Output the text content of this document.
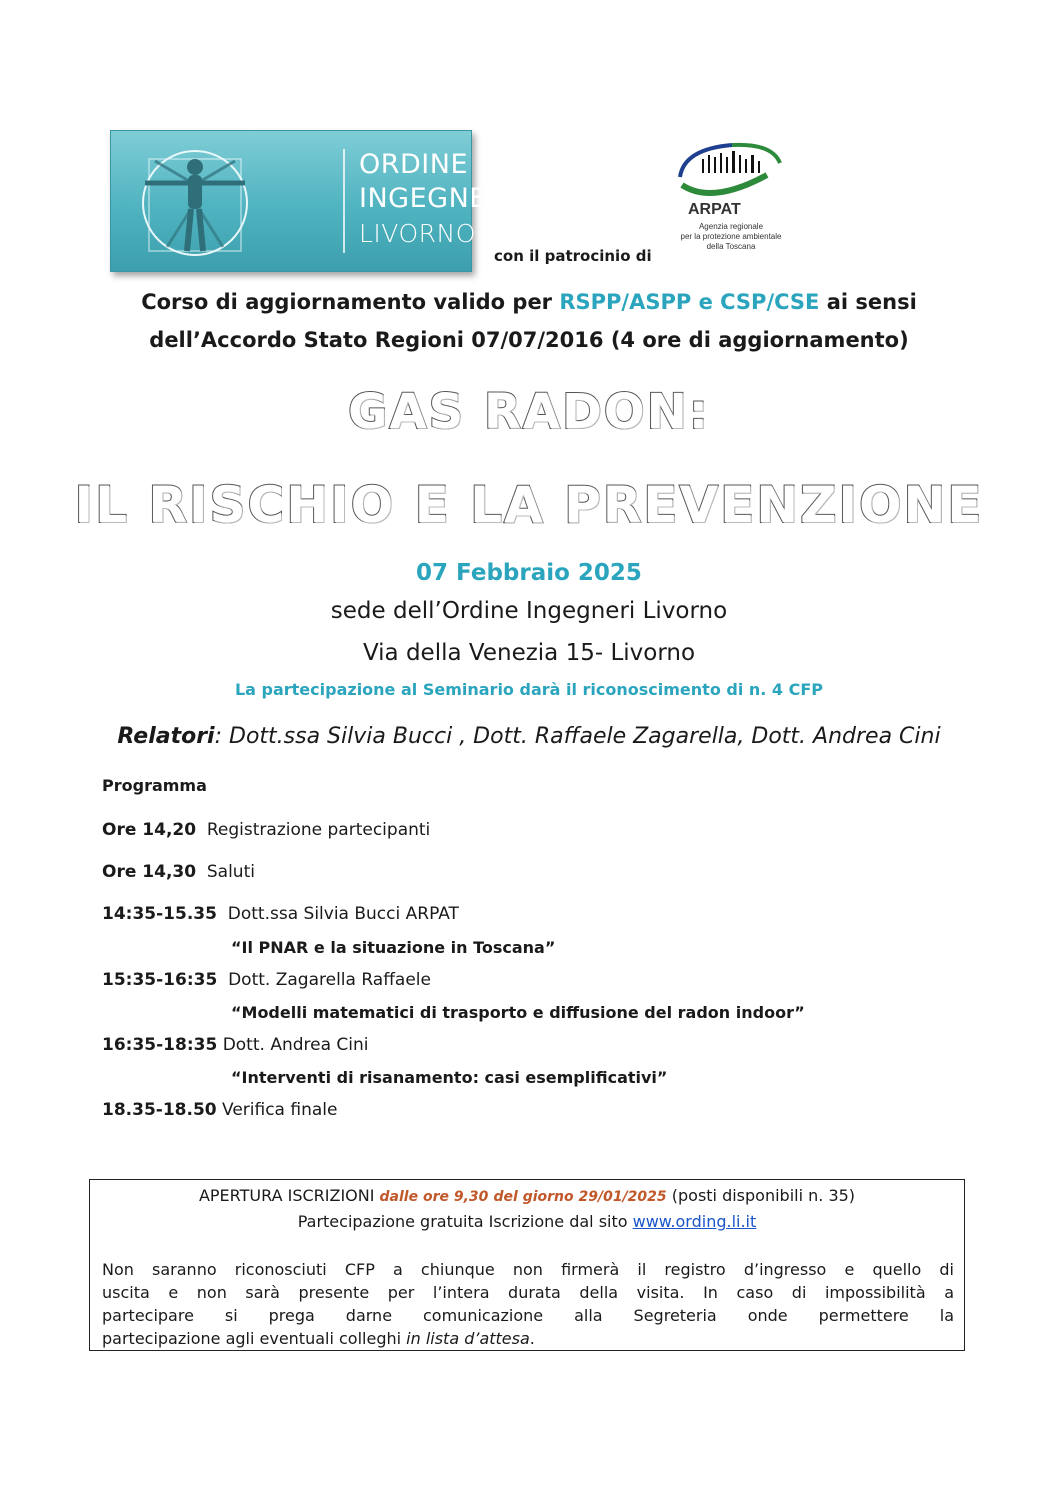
ORDINE
INGEGNERI
LIVORNO
ARPAT
Agenzia regionale
per la protezione ambientale
della Toscana
con il patrocinio di
Corso di aggiornamento valido per RSPP/ASPP e CSP/CSE ai sensi
dell’Accordo Stato Regioni 07/07/2016 (4 ore di aggiornamento)
GAS RADON:
IL RISCHIO E LA PREVENZIONE
07 Febbraio 2025
sede dell’Ordine Ingegneri Livorno
Via della Venezia 15- Livorno
La partecipazione al Seminario darà il riconoscimento di n. 4 CFP
Relatori: Dott.ssa Silvia Bucci , Dott. Raffaele Zagarella, Dott. Andrea Cini
Programma
Ore 14,20 Registrazione partecipanti
Ore 14,30 Saluti
14:35-15.35 Dott.ssa Silvia Bucci ARPAT
“Il PNAR e la situazione in Toscana”
15:35-16:35 Dott. Zagarella Raffaele
“Modelli matematici di trasporto e diffusione del radon indoor”
16:35-18:35 Dott. Andrea Cini
“Interventi di risanamento: casi esemplificativi”
18.35-18.50 Verifica finale
APERTURA ISCRIZIONI dalle ore 9,30 del giorno 29/01/2025 (posti disponibili n. 35)
Partecipazione gratuita Iscrizione dal sito www.ording.li.it
Non saranno riconosciuti CFP a chiunque non firmerà il registro d’ingresso e quello di
uscita e non sarà presente per l’intera durata della visita. In caso di impossibilità a
partecipare si prega darne comunicazione alla Segreteria onde permettere la
partecipazione agli eventuali colleghi in lista d’attesa.
